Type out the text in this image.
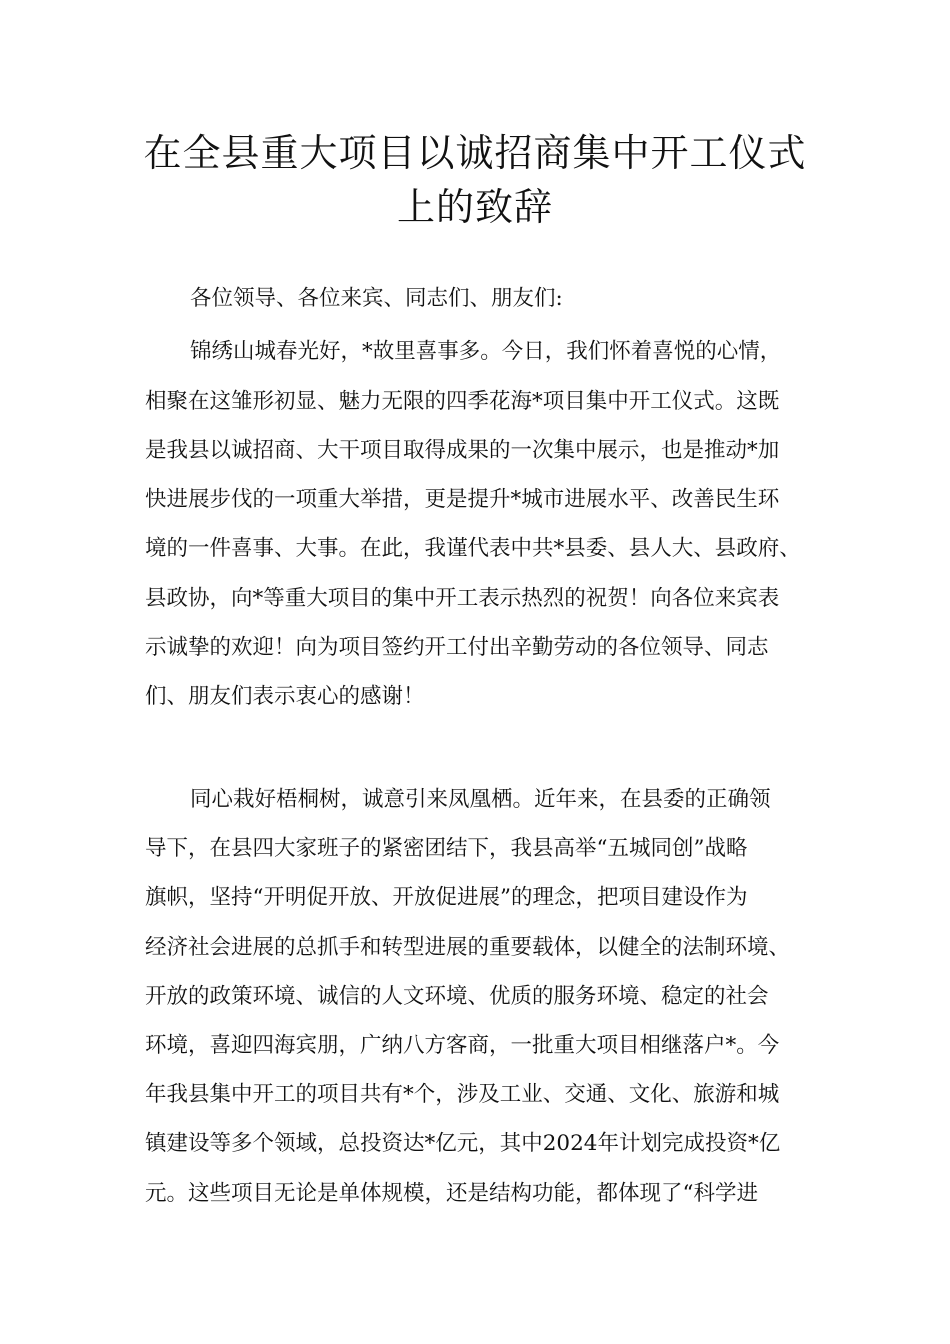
在全县重大项目以诚招商集中开工仪式
上的致辞
各位领导、各位来宾、同志们、朋友们:
锦绣山城春光好，*故里喜事多。今日，我们怀着喜悦的心情，
相聚在这雏形初显、魅力无限的四季花海*项目集中开工仪式。这既
是我县以诚招商、大干项目取得成果的一次集中展示，也是推动*加
快进展步伐的一项重大举措，更是提升*城市进展水平、改善民生环
境的一件喜事、大事。在此，我谨代表中共*县委、县人大、县政府、
县政协，向*等重大项目的集中开工表示热烈的祝贺！向各位来宾表
示诚挚的欢迎！向为项目签约开工付出辛勤劳动的各位领导、同志
们、朋友们表示衷心的感谢！
同心栽好梧桐树，诚意引来凤凰栖。近年来，在县委的正确领
导下，在县四大家班子的紧密团结下，我县高举“五城同创”战略
旗帜，坚持“开明促开放、开放促进展”的理念，把项目建设作为
经济社会进展的总抓手和转型进展的重要载体，以健全的法制环境、
开放的政策环境、诚信的人文环境、优质的服务环境、稳定的社会
环境，喜迎四海宾朋，广纳八方客商，一批重大项目相继落户*。今
年我县集中开工的项目共有*个，涉及工业、交通、文化、旅游和城
镇建设等多个领域，总投资达*亿元，其中2024年计划完成投资*亿
元。这些项目无论是单体规模，还是结构功能，都体现了“科学进
